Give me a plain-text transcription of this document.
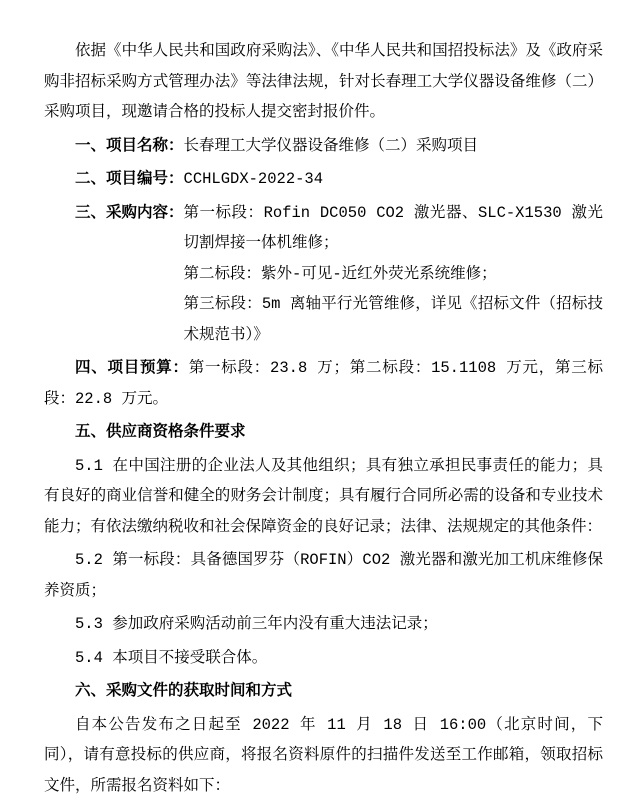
依据《中华人民共和国政府采购法》、《中华人民共和国招投标法》及《政府采购非招标采购方式管理办法》等法律法规，针对长春理工大学仪器设备维修（二）采购项目，现邀请合格的投标人提交密封报价件。

一、项目名称：长春理工大学仪器设备维修（二）采购项目

二、项目编号：CCHLGDX-2022-34

三、采购内容： 第一标段：Rofin DC050 CO2 激光器、SLC-X1530 激光切割焊接一体机维修；
第二标段：紫外-可见-近红外荧光系统维修；
第三标段：5m 离轴平行光管维修，详见《招标文件（招标技术规范书）》

四、项目预算：第一标段：23.8 万；第二标段：15.1108 万元，第三标段：22.8 万元。

五、供应商资格条件要求

5.1 在中国注册的企业法人及其他组织；具有独立承担民事责任的能力；具有良好的商业信誉和健全的财务会计制度；具有履行合同所必需的设备和专业技术能力；有依法缴纳税收和社会保障资金的良好记录；法律、法规规定的其他条件：

5.2 第一标段：具备德国罗芬（ROFIN）CO2 激光器和激光加工机床维修保养资质；

5.3 参加政府采购活动前三年内没有重大违法记录；

5.4 本项目不接受联合体。

六、采购文件的获取时间和方式

自本公告发布之日起至 2022 年 11 月 18 日 16:00（北京时间，下同），请有意投标的供应商，将报名资料原件的扫描件发送至工作邮箱，领取招标文件，所需报名资料如下：
